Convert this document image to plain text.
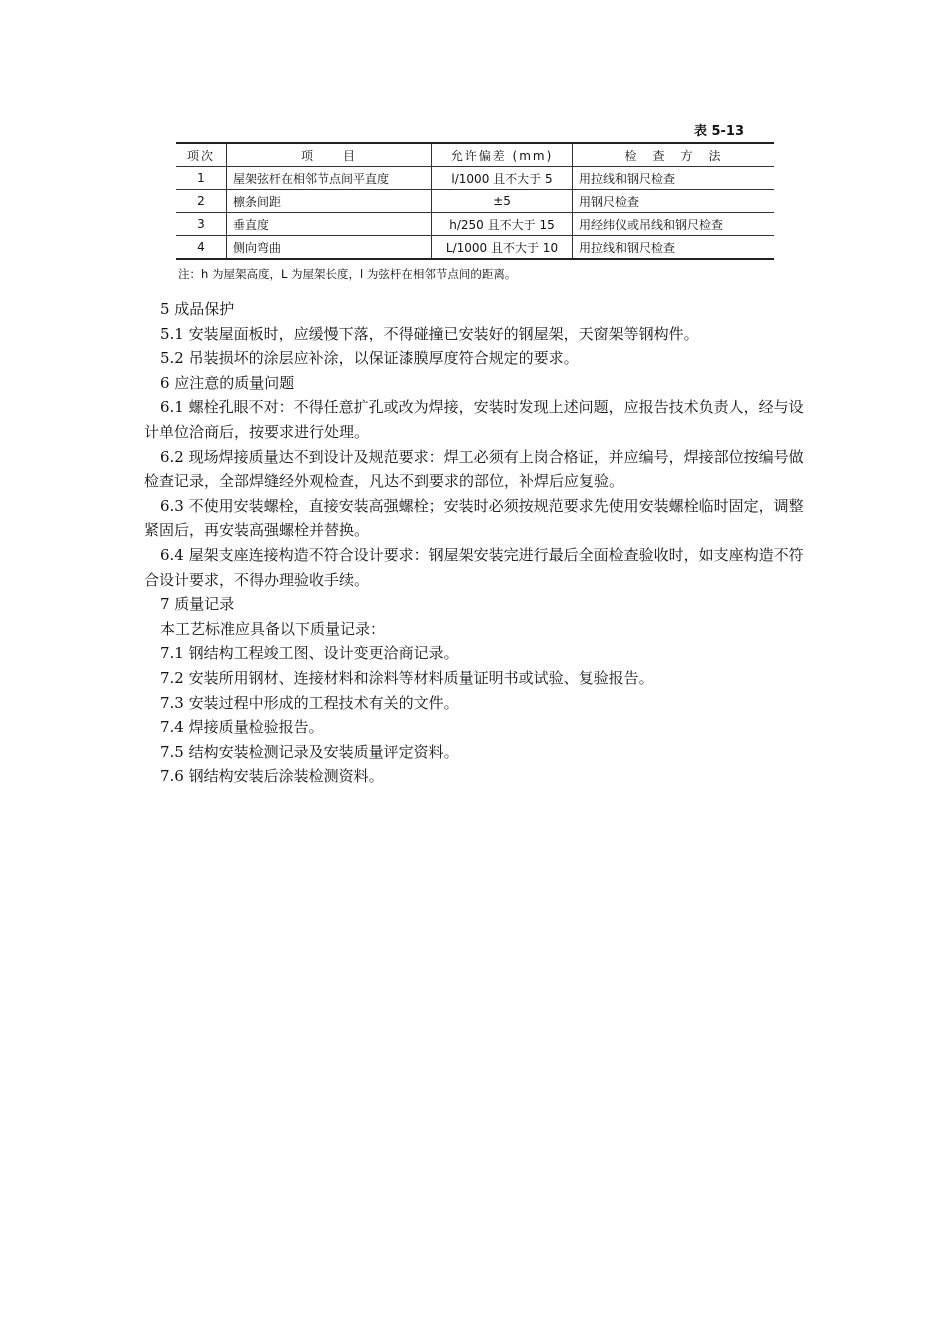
表 5-13
项次	项　　目	允许偏差 (mm)	检　查　方　法
1	屋架弦杆在相邻节点间平直度	l/1000 且不大于 5	用拉线和钢尺检查
2	檩条间距	±5	用钢尺检查
3	垂直度	h/250 且不大于 15	用经纬仪或吊线和钢尺检查
4	侧向弯曲	L/1000 且不大于 10	用拉线和钢尺检查
注：h 为屋架高度，L 为屋架长度，l 为弦杆在相邻节点间的距离。

5 成品保护

5.1 安装屋面板时，应缓慢下落，不得碰撞已安装好的钢屋架，天窗架等钢构件。

5.2 吊装损坏的涂层应补涂，以保证漆膜厚度符合规定的要求。

6 应注意的质量问题

6.1 螺栓孔眼不对：不得任意扩孔或改为焊接，安装时发现上述问题，应报告技术负责人，经与设计单位洽商后，按要求进行处理。

6.2 现场焊接质量达不到设计及规范要求：焊工必须有上岗合格证，并应编号，焊接部位按编号做检查记录，全部焊缝经外观检查，凡达不到要求的部位，补焊后应复验。

6.3 不使用安装螺栓，直接安装高强螺栓；安装时必须按规范要求先使用安装螺栓临时固定，调整紧固后，再安装高强螺栓并替换。

6.4 屋架支座连接构造不符合设计要求：钢屋架安装完进行最后全面检查验收时，如支座构造不符合设计要求，不得办理验收手续。

7 质量记录

本工艺标准应具备以下质量记录：

7.1 钢结构工程竣工图、设计变更洽商记录。

7.2 安装所用钢材、连接材料和涂料等材料质量证明书或试验、复验报告。

7.3 安装过程中形成的工程技术有关的文件。

7.4 焊接质量检验报告。

7.5 结构安装检测记录及安装质量评定资料。

7.6 钢结构安装后涂装检测资料。
